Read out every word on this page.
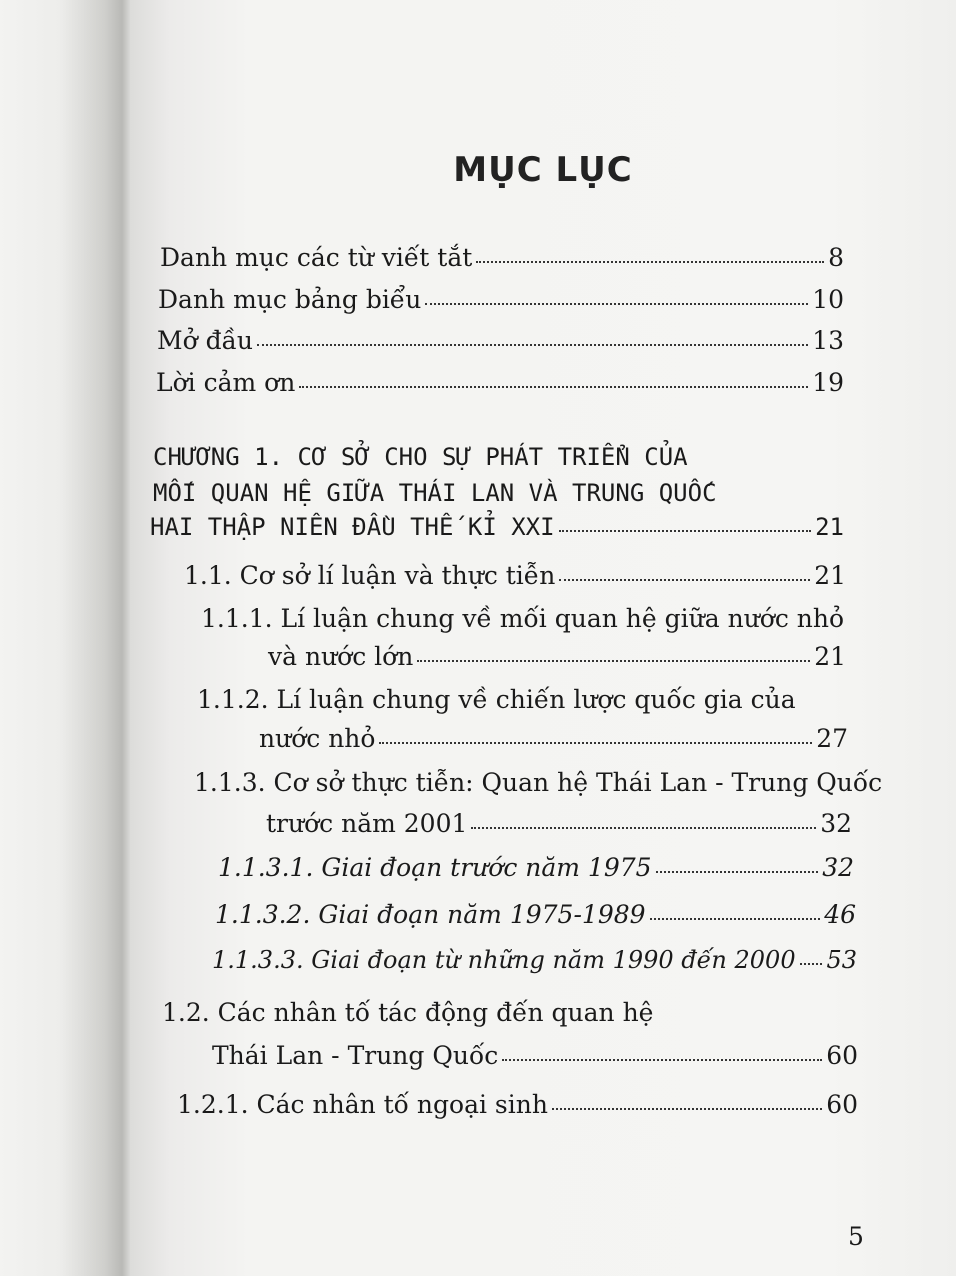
MỤC LỤC
Danh mục các từ viết tắt	8
Danh mục bảng biểu	10
Mở đầu	13
Lời cảm ơn	19
CHƯƠNG 1. CƠ SỞ CHO SỰ PHÁT TRIỂN CỦA
MỐI QUAN HỆ GIỮA THÁI LAN VÀ TRUNG QUỐC
HAI THẬP NIÊN ĐẦU THẾ KỈ XXI	21
1.1. Cơ sở lí luận và thực tiễn	21
1.1.1. Lí luận chung về mối quan hệ giữa nước nhỏ
và nước lớn	21
1.1.2. Lí luận chung về chiến lược quốc gia của
nước nhỏ	27
1.1.3. Cơ sở thực tiễn: Quan hệ Thái Lan - Trung Quốc
trước năm 2001	32
1.1.3.1. Giai đoạn trước năm 1975	32
1.1.3.2. Giai đoạn năm 1975-1989	46
1.1.3.3. Giai đoạn từ những năm 1990 đến 2000 53
1.2. Các nhân tố tác động đến quan hệ
Thái Lan - Trung Quốc	60
1.2.1. Các nhân tố ngoại sinh	60
5
